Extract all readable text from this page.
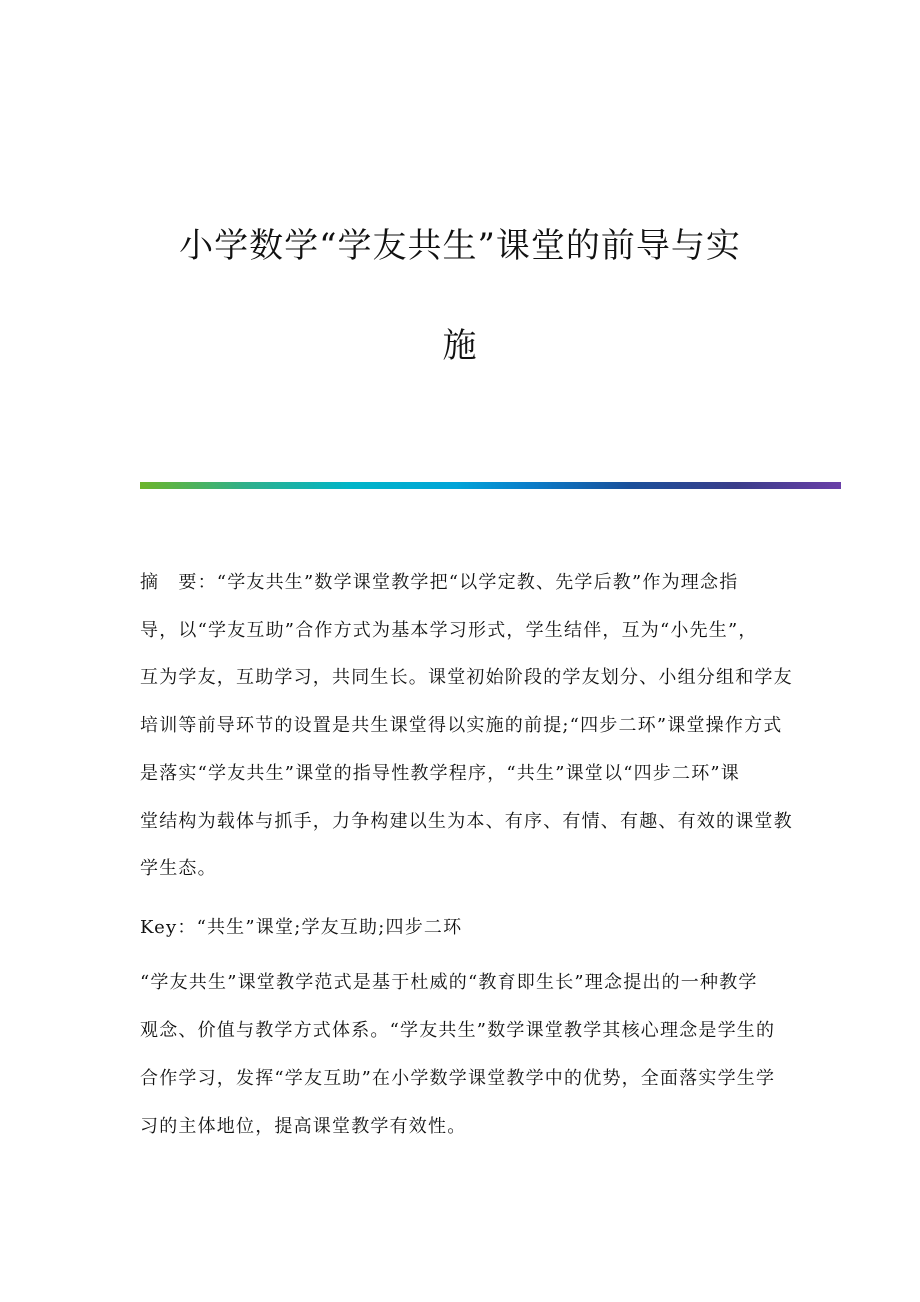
小学数学“学友共生”课堂的前导与实
施
摘　要：“学友共生”数学课堂教学把“以学定教、先学后教”作为理念指
导，以“学友互助”合作方式为基本学习形式，学生结伴，互为“小先生”，
互为学友，互助学习，共同生长。课堂初始阶段的学友划分、小组分组和学友
培训等前导环节的设置是共生课堂得以实施的前提;“四步二环”课堂操作方式
是落实“学友共生”课堂的指导性教学程序，“共生”课堂以“四步二环”课
堂结构为载体与抓手，力争构建以生为本、有序、有情、有趣、有效的课堂教
学生态。
Key：“共生”课堂;学友互助;四步二环
“学友共生”课堂教学范式是基于杜威的“教育即生长”理念提出的一种教学
观念、价值与教学方式体系。“学友共生”数学课堂教学其核心理念是学生的
合作学习，发挥“学友互助”在小学数学课堂教学中的优势，全面落实学生学
习的主体地位，提高课堂教学有效性。
